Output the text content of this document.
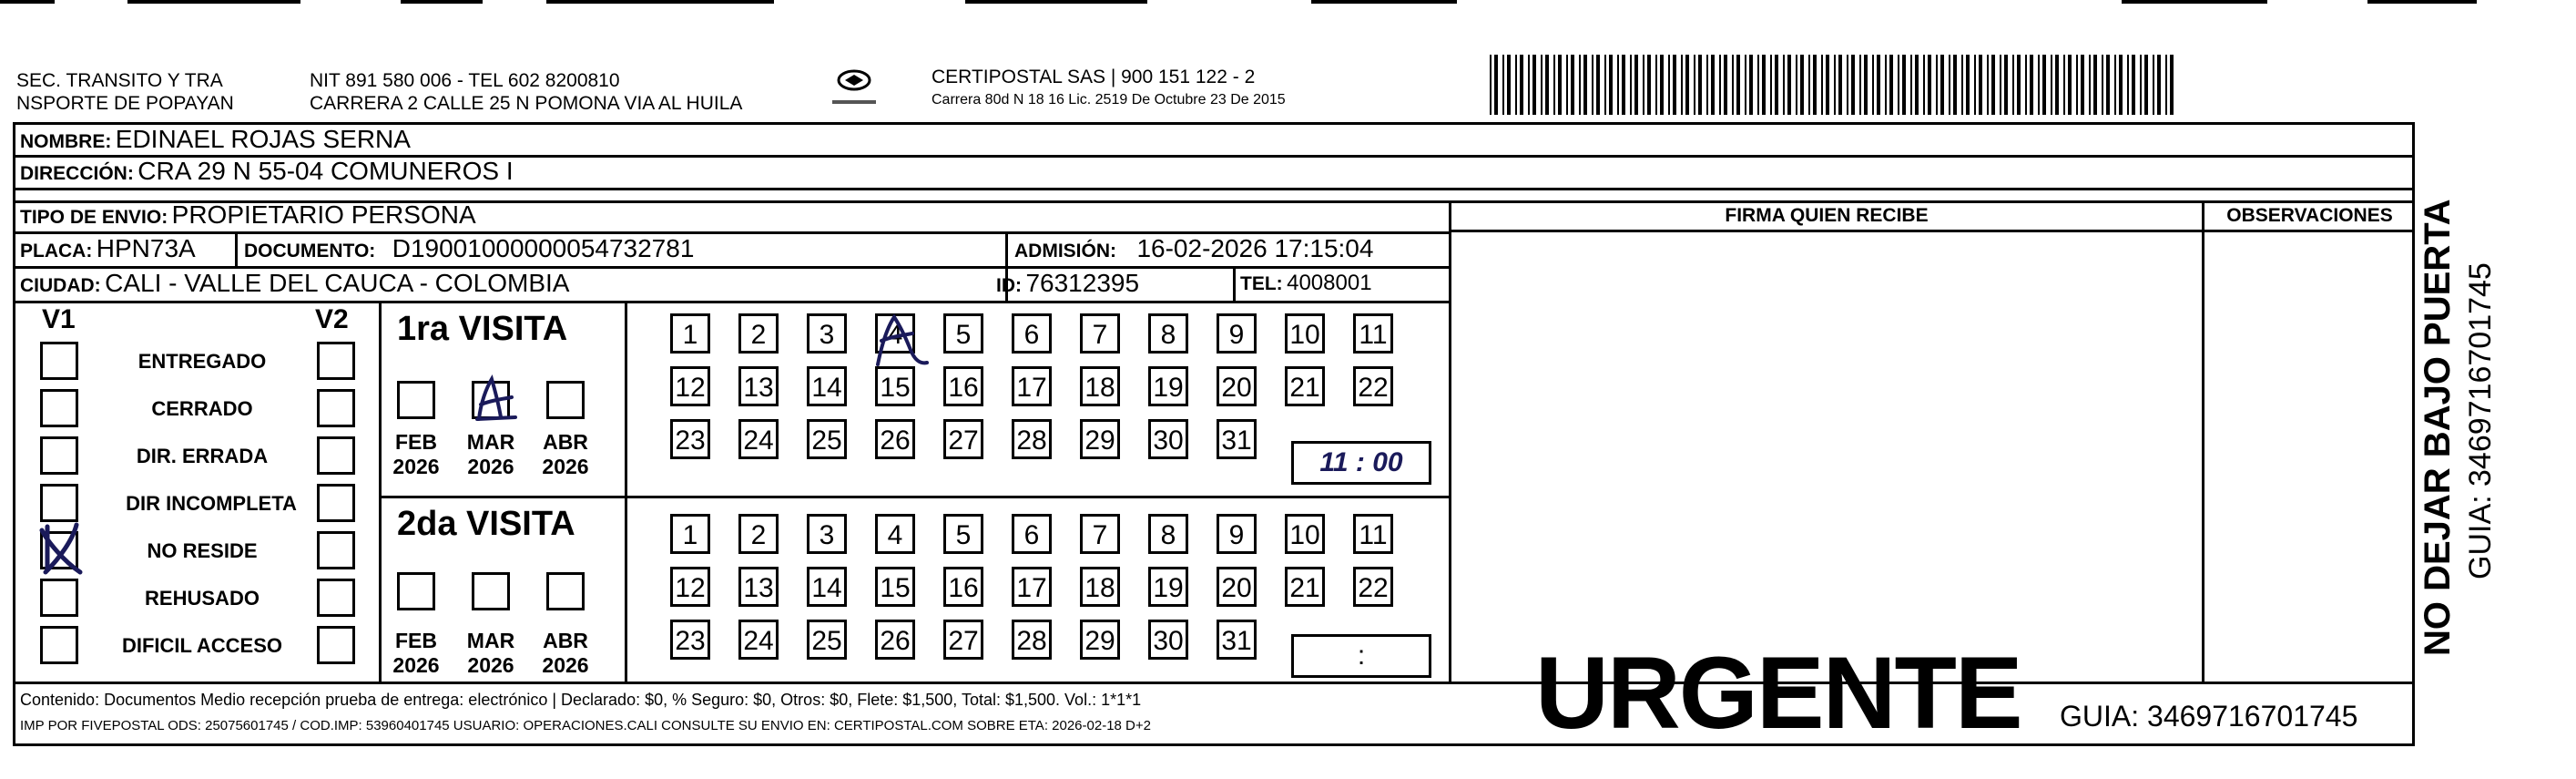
SEC. TRANSITO Y TRA
NSPORTE DE POPAYAN
NIT 891 580 006 - TEL 602 8200810
CARRERA 2 CALLE 25 N POMONA VIA AL HUILA
CERTIPOSTAL SAS | 900 151 122 - 2
Carrera 80d N 18 16 Lic. 2519 De Octubre 23 De 2015
NOMBRE: EDINAEL ROJAS SERNA
DIRECCIÓN: CRA 29 N 55-04 COMUNEROS I
TIPO DE ENVIO: PROPIETARIO PERSONA	FIRMA QUIEN RECIBE	OBSERVACIONES
PLACA: HPN73A	DOCUMENTO: D19001000000054732781	ADMISIÓN: 16-02-2026 17:15:04
CIUDAD: CALI - VALLE DEL CAUCA - COLOMBIA	ID: 76312395	TEL: 4008001
V1	V2
ENTREGADO
CERRADO
DIR. ERRADA
DIR INCOMPLETA
NO RESIDE
REHUSADO
DIFICIL ACCESO
1ra VISITA
FEB
2026
MAR
2026
ABR
2026
2da VISITA
FEB
2026
MAR
2026
ABR
2026
1	2	3	4	5	6	7	8	9	10 11
12 13 14 15 16 17 18 19 20 21 22
23 24 25 26 27 28 29 30 31
1	2	3	4	5	6	7	8	9	10 11
12 13 14 15 16 17 18 19 20 21 22
23 24 25 26 27 28 29 30 31
11 : 00
:
Contenido: Documentos Medio recepción prueba de entrega: electrónico | Declarado: $0, % Seguro: $0, Otros: $0, Flete: $1,500, Total: $1,500. Vol.: 1*1*1
IMP POR FIVEPOSTAL ODS: 25075601745 / COD.IMP: 53960401745 USUARIO: OPERACIONES.CALI CONSULTE SU ENVIO EN: CERTIPOSTAL.COM SOBRE ETA: 2026-02-18 D+2	URGENTE GUIA: 3469716701745
NO DEJAR BAJO PUERTA GUIA: 3469716701745
